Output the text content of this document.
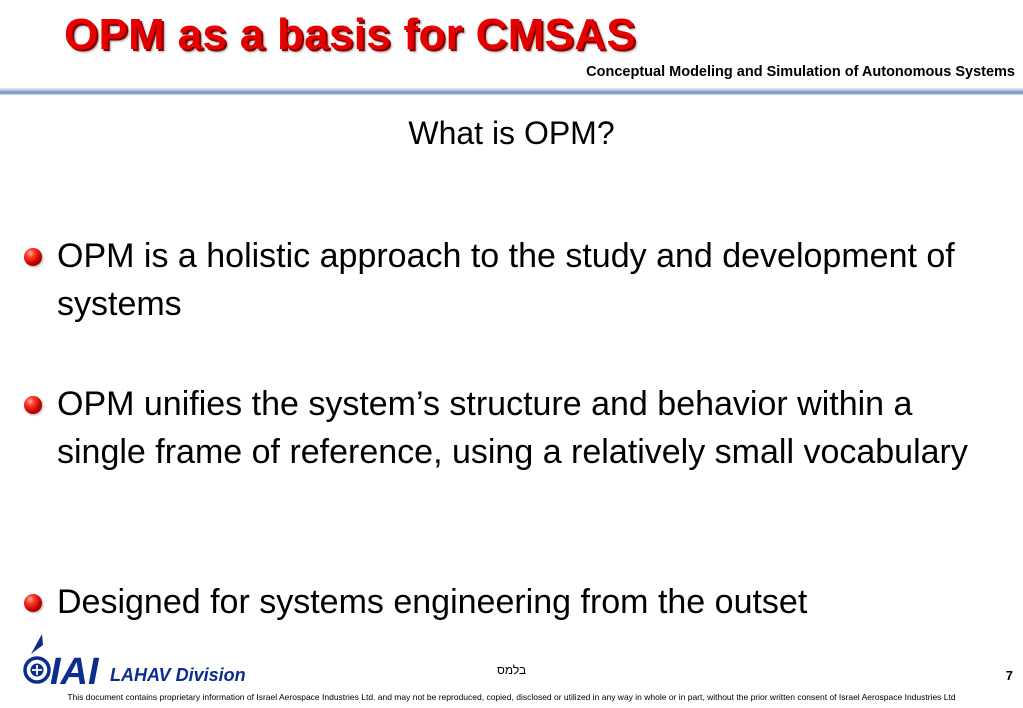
OPM as a basis for CMSAS
Conceptual Modeling and Simulation of Autonomous Systems
What is OPM?
OPM is a holistic approach to the study and development of systems
OPM unifies the system’s structure and behavior within a single frame of reference, using a relatively small vocabulary
Designed for systems engineering from the outset
IAI LAHAV Division	בלמס	7
This document contains proprietary information of Israel Aerospace Industries Ltd. and may not be reproduced, copied, disclosed or utilized in any way in whole or in part, without the prior written consent of Israel Aerospace Industries Ltd
